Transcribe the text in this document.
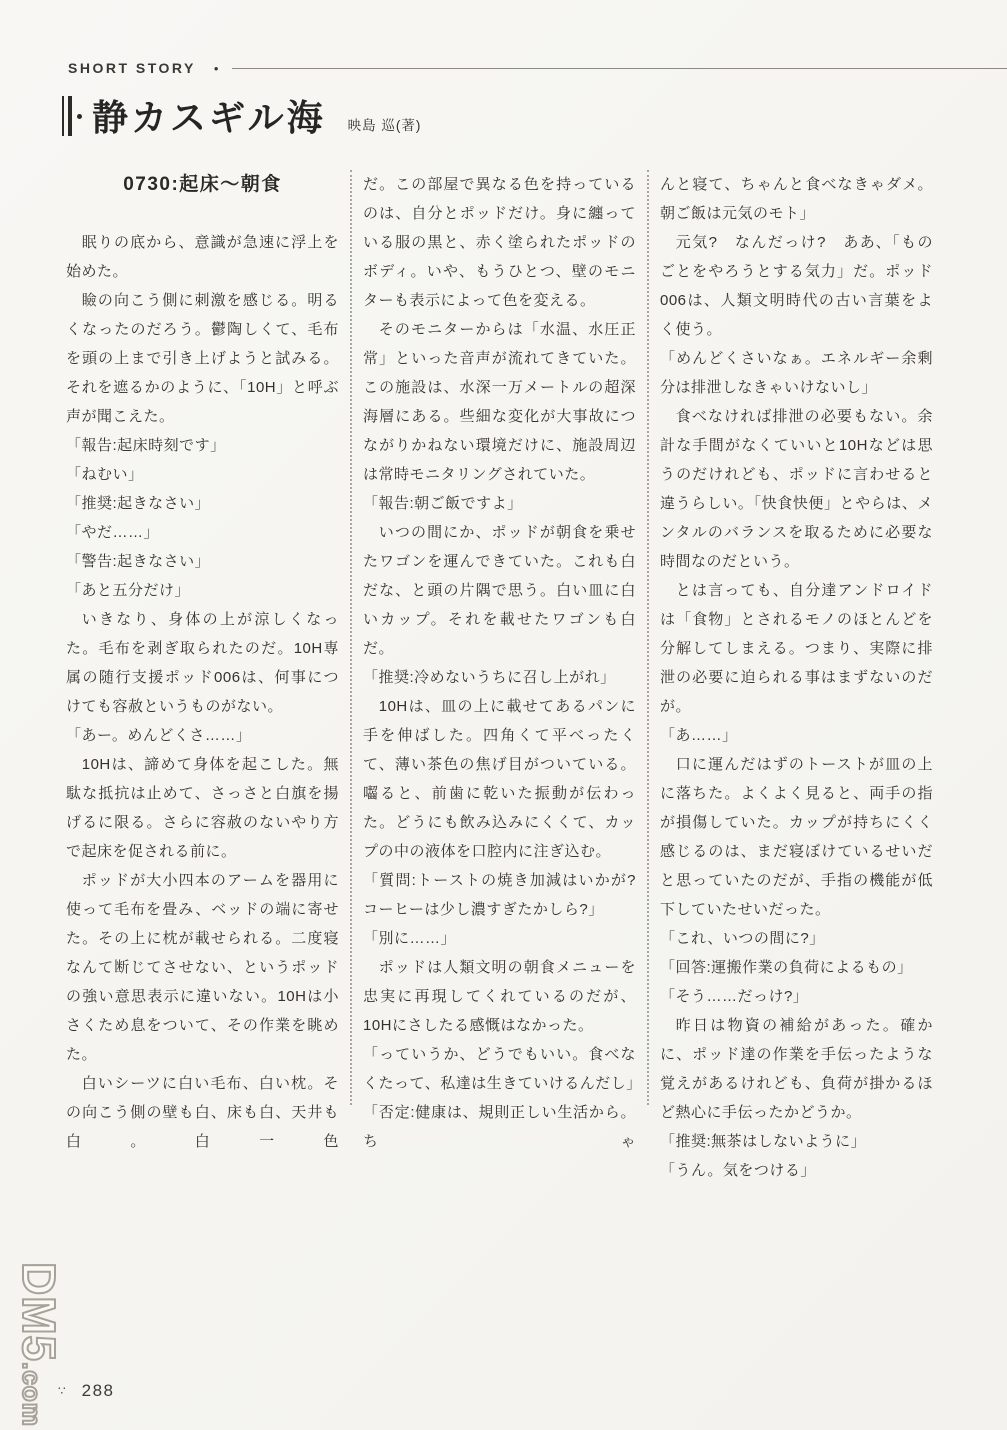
SHORT STORY •
静カスギル海 映島 巡(著)
0730:起床〜朝食

眠りの底から、意識が急速に浮上を始めた。

瞼の向こう側に刺激を感じる。明るくなったのだろう。鬱陶しくて、毛布を頭の上まで引き上げようと試みる。それを遮るかのように、「10H」と呼ぶ声が聞こえた。

「報告:起床時刻です」

「ねむい」

「推奨:起きなさい」

「やだ……」

「警告:起きなさい」

「あと五分だけ」

いきなり、身体の上が涼しくなった。毛布を剥ぎ取られたのだ。10H専属の随行支援ポッド006は、何事につけても容赦というものがない。

「あー。めんどくさ……」

10Hは、諦めて身体を起こした。無駄な抵抗は止めて、さっさと白旗を揚げるに限る。さらに容赦のないやり方で起床を促される前に。

ポッドが大小四本のアームを器用に使って毛布を畳み、ベッドの端に寄せた。その上に枕が載せられる。二度寝なんて断じてさせない、というポッドの強い意思表示に違いない。10Hは小さくため息をついて、その作業を眺めた。

白いシーツに白い毛布、白い枕。その向こう側の壁も白、床も白、天井も白。白一色

だ。この部屋で異なる色を持っているのは、自分とポッドだけ。身に纏っている服の黒と、赤く塗られたポッドのボディ。いや、もうひとつ、壁のモニターも表示によって色を変える。

そのモニターからは「水温、水圧正常」といった音声が流れてきていた。この施設は、水深一万メートルの超深海層にある。些細な変化が大事故につながりかねない環境だけに、施設周辺は常時モニタリングされていた。

「報告:朝ご飯ですよ」

いつの間にか、ポッドが朝食を乗せたワゴンを運んできていた。これも白だな、と頭の片隅で思う。白い皿に白いカップ。それを載せたワゴンも白だ。

「推奨:冷めないうちに召し上がれ」

10Hは、皿の上に載せてあるパンに手を伸ばした。四角くて平べったくて、薄い茶色の焦げ目がついている。囓ると、前歯に乾いた振動が伝わった。どうにも飲み込みにくくて、カップの中の液体を口腔内に注ぎ込む。

「質問:トーストの焼き加減はいかが?　コーヒーは少し濃すぎたかしら?」

「別に……」

ポッドは人類文明の朝食メニューを忠実に再現してくれているのだが、10Hにさしたる感慨はなかった。

「っていうか、どうでもいい。食べなくたって、私達は生きていけるんだし」

「否定:健康は、規則正しい生活から。ちゃ

んと寝て、ちゃんと食べなきゃダメ。朝ご飯は元気のモト」

元気?　なんだっけ?　ああ、「ものごとをやろうとする気力」だ。ポッド006は、人類文明時代の古い言葉をよく使う。

「めんどくさいなぁ。エネルギー余剰分は排泄しなきゃいけないし」

食べなければ排泄の必要もない。余計な手間がなくていいと10Hなどは思うのだけれども、ポッドに言わせると違うらしい。「快食快便」とやらは、メンタルのバランスを取るために必要な時間なのだという。

とは言っても、自分達アンドロイドは「食物」とされるモノのほとんどを分解してしまえる。つまり、実際に排泄の必要に迫られる事はまずないのだが。

「あ……」

口に運んだはずのトーストが皿の上に落ちた。よくよく見ると、両手の指が損傷していた。カップが持ちにくく感じるのは、まだ寝ぼけているせいだと思っていたのだが、手指の機能が低下していたせいだった。

「これ、いつの間に?」

「回答:運搬作業の負荷によるもの」

「そう……だっけ?」

昨日は物資の補給があった。確かに、ポッド達の作業を手伝ったような覚えがあるけれども、負荷が掛かるほど熱心に手伝ったかどうか。

「推奨:無茶はしないように」

「うん。気をつける」

∵ 288
DM5.com
